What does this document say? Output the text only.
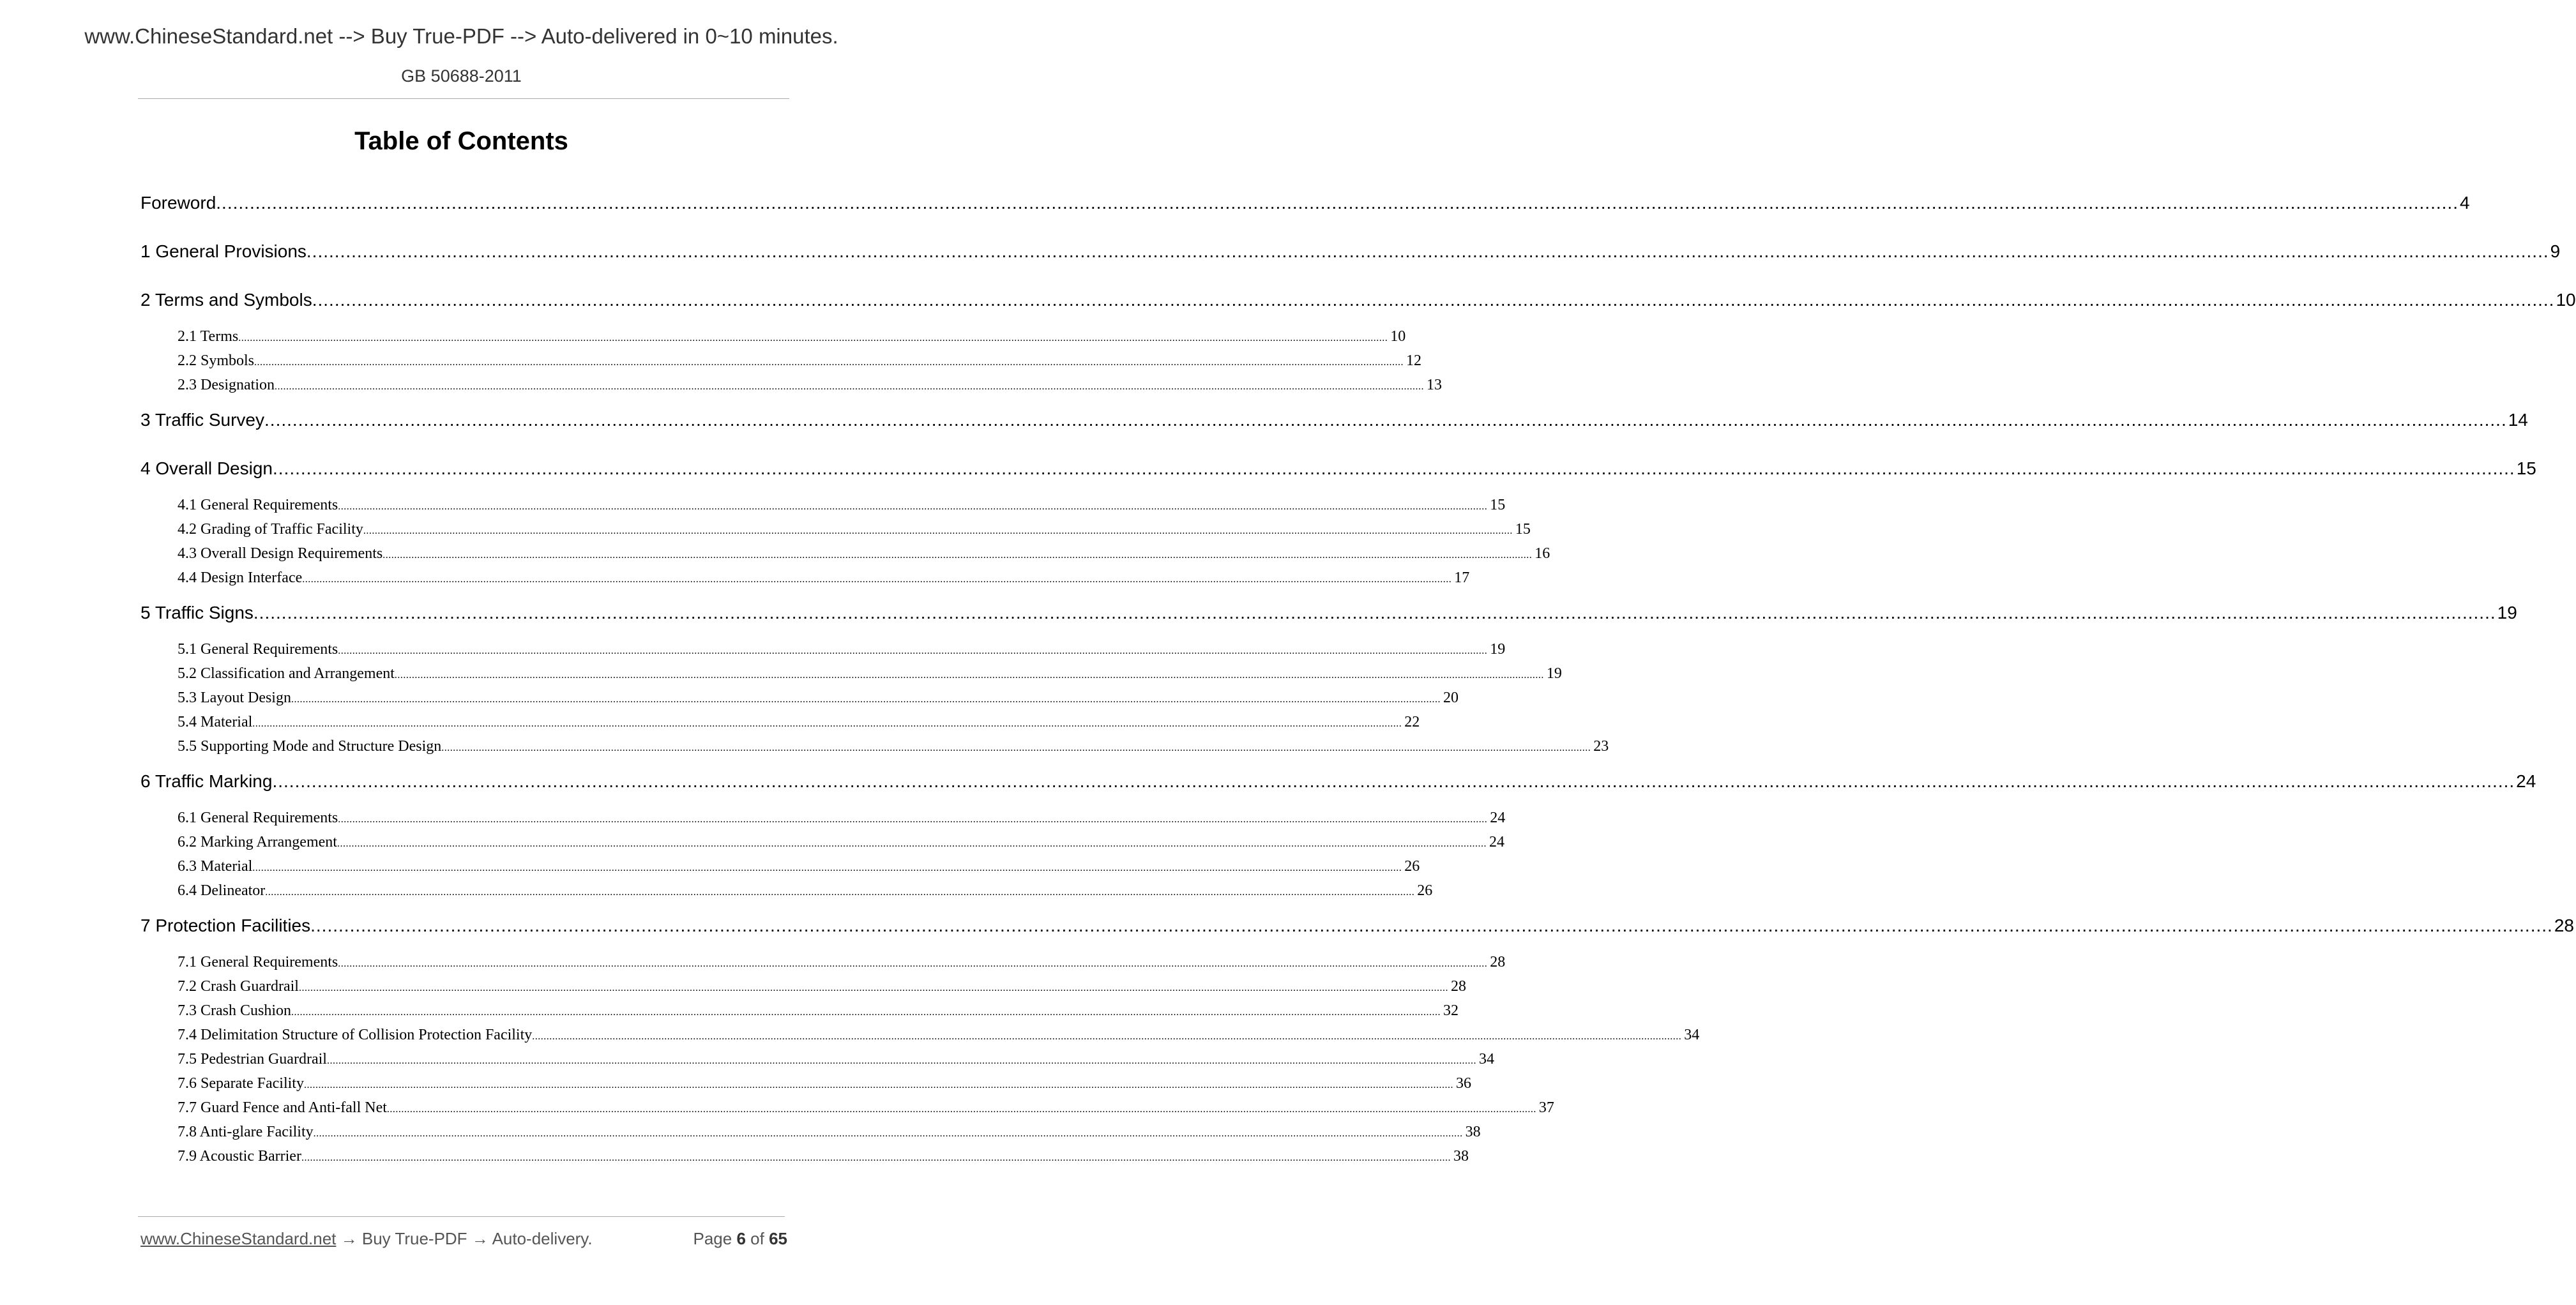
www.ChineseStandard.net --> Buy True-PDF --> Auto-delivered in 0~10 minutes.
GB 50688-2011
Table of Contents
Foreword ................................................................................................................................................................................................................................................................................................................................................................................................................ 4
1 General Provisions ................................................................................................................................................................................................................................................................................................................................................................................................................ 9
2 Terms and Symbols ................................................................................................................................................................................................................................................................................................................................................................................................................ 10
2.1 Terms ................................................................................................................................................................................................................................................................................................................................................................................................................ 10
2.2 Symbols ................................................................................................................................................................................................................................................................................................................................................................................................................ 12
2.3 Designation ................................................................................................................................................................................................................................................................................................................................................................................................................ 13
3 Traffic Survey ................................................................................................................................................................................................................................................................................................................................................................................................................ 14
4 Overall Design ................................................................................................................................................................................................................................................................................................................................................................................................................ 15
4.1 General Requirements ................................................................................................................................................................................................................................................................................................................................................................................................................ 15
4.2 Grading of Traffic Facility ................................................................................................................................................................................................................................................................................................................................................................................................................ 15
4.3 Overall Design Requirements ................................................................................................................................................................................................................................................................................................................................................................................................................ 16
4.4 Design Interface ................................................................................................................................................................................................................................................................................................................................................................................................................ 17
5 Traffic Signs ................................................................................................................................................................................................................................................................................................................................................................................................................ 19
5.1 General Requirements ................................................................................................................................................................................................................................................................................................................................................................................................................ 19
5.2 Classification and Arrangement ................................................................................................................................................................................................................................................................................................................................................................................................................ 19
5.3 Layout Design ................................................................................................................................................................................................................................................................................................................................................................................................................ 20
5.4 Material ................................................................................................................................................................................................................................................................................................................................................................................................................ 22
5.5 Supporting Mode and Structure Design ................................................................................................................................................................................................................................................................................................................................................................................................................ 23
6 Traffic Marking ................................................................................................................................................................................................................................................................................................................................................................................................................ 24
6.1 General Requirements ................................................................................................................................................................................................................................................................................................................................................................................................................ 24
6.2 Marking Arrangement ................................................................................................................................................................................................................................................................................................................................................................................................................ 24
6.3 Material ................................................................................................................................................................................................................................................................................................................................................................................................................ 26
6.4 Delineator ................................................................................................................................................................................................................................................................................................................................................................................................................ 26
7 Protection Facilities ................................................................................................................................................................................................................................................................................................................................................................................................................ 28
7.1 General Requirements ................................................................................................................................................................................................................................................................................................................................................................................................................ 28
7.2 Crash Guardrail ................................................................................................................................................................................................................................................................................................................................................................................................................ 28
7.3 Crash Cushion ................................................................................................................................................................................................................................................................................................................................................................................................................ 32
7.4 Delimitation Structure of Collision Protection Facility ................................................................................................................................................................................................................................................................................................................................................................................................................ 34
7.5 Pedestrian Guardrail ................................................................................................................................................................................................................................................................................................................................................................................................................ 34
7.6 Separate Facility ................................................................................................................................................................................................................................................................................................................................................................................................................ 36
7.7 Guard Fence and Anti-fall Net ................................................................................................................................................................................................................................................................................................................................................................................................................ 37
7.8 Anti-glare Facility ................................................................................................................................................................................................................................................................................................................................................................................................................ 38
7.9 Acoustic Barrier ................................................................................................................................................................................................................................................................................................................................................................................................................ 38
www.ChineseStandard.net → Buy True-PDF → Auto-delivery.	Page 6 of 65
